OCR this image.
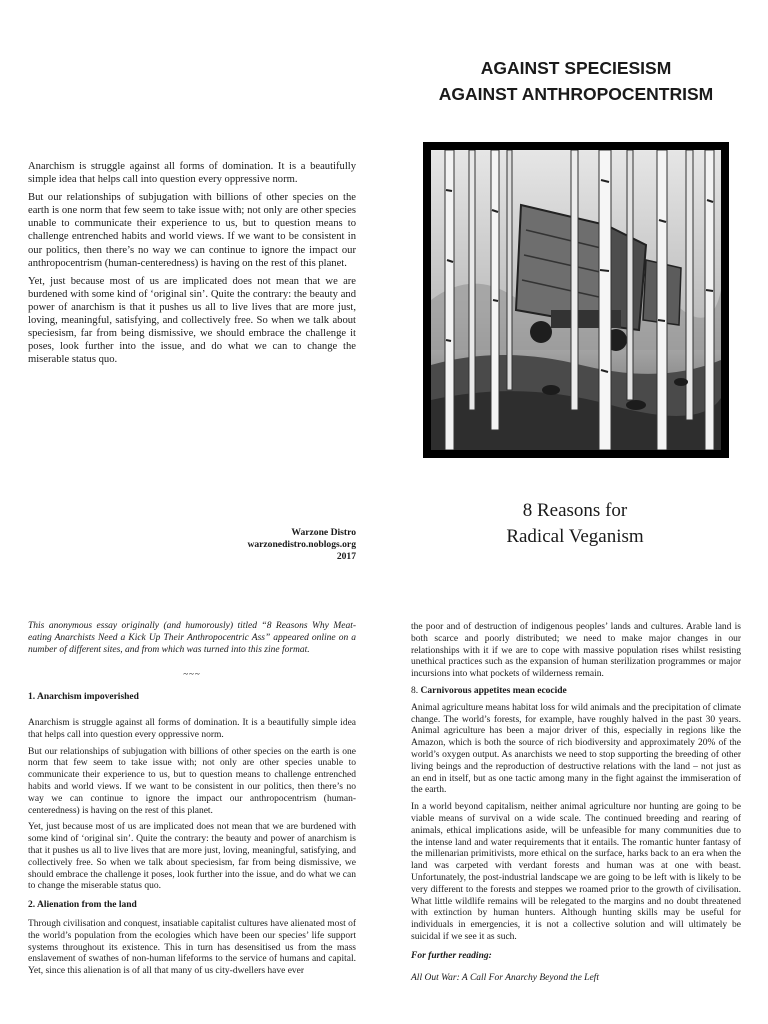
Anarchism is struggle against all forms of domination. It is a beautifully simple idea that helps call into question every oppressive norm.

But our relationships of subjugation with billions of other species on the earth is one norm that few seem to take issue with; not only are other species unable to communicate their experience to us, but to question means to challenge entrenched habits and world views. If we want to be consistent in our politics, then there’s no way we can continue to ignore the impact our anthropocentrism (human-centeredness) is having on the rest of this planet.

Yet, just because most of us are implicated does not mean that we are burdened with some kind of ‘original sin’. Quite the contrary: the beauty and power of anarchism is that it pushes us all to live lives that are more just, loving, meaningful, satisfying, and collectively free. So when we talk about speciesism, far from being dismissive, we should embrace the challenge it poses, look further into the issue, and do what we can to change the miserable status quo.

Warzone Distro
warzonedistro.noblogs.org
2017
AGAINST SPECIESISM
AGAINST ANTHROPOCENTRISM
8 Reasons for
Radical Veganism

This anonymous essay originally (and humorously) titled “8 Reasons Why Meat-eating Anarchists Need a Kick Up Their Anthropocentric Ass” appeared online on a number of different sites, and from which was turned into this zine format.

~~~
1. Anarchism impoverished

Anarchism is struggle against all forms of domination. It is a beautifully simple idea that helps call into question every oppressive norm.

But our relationships of subjugation with billions of other species on the earth is one norm that few seem to take issue with; not only are other species unable to communicate their experience to us, but to question means to challenge entrenched habits and world views. If we want to be consistent in our politics, then there’s no way we can continue to ignore the impact our anthropocentrism (human-centeredness) is having on the rest of this planet.

Yet, just because most of us are implicated does not mean that we are burdened with some kind of ‘original sin’. Quite the contrary: the beauty and power of anarchism is that it pushes us all to live lives that are more just, loving, meaningful, satisfying, and collectively free. So when we talk about speciesism, far from being dismissive, we should embrace the challenge it poses, look further into the issue, and do what we can to change the miserable status quo.

2. Alienation from the land

Through civilisation and conquest, insatiable capitalist cultures have alienated most of the world’s population from the ecologies which have been our species’ life support systems throughout its existence. This in turn has desensitised us from the mass enslavement of swathes of non-human lifeforms to the service of humans and capital. Yet, since this alienation is of all that many of us city-dwellers have ever

the poor and of destruction of indigenous peoples’ lands and cultures. Arable land is both scarce and poorly distributed; we need to make major changes in our relationships with it if we are to cope with massive population rises whilst resisting unethical practices such as the expansion of human sterilization programmes or major incursions into what pockets of wilderness remain.

8. Carnivorous appetites mean ecocide

Animal agriculture means habitat loss for wild animals and the precipitation of climate change. The world’s forests, for example, have roughly halved in the past 30 years. Animal agriculture has been a major driver of this, especially in regions like the Amazon, which is both the source of rich biodiversity and approximately 20% of the world’s oxygen output. As anarchists we need to stop supporting the breeding of other living beings and the reproduction of destructive relations with the land – not just as an end in itself, but as one tactic among many in the fight against the immiseration of the earth.

In a world beyond capitalism, neither animal agriculture nor hunting are going to be viable means of survival on a wide scale. The continued breeding and rearing of animals, ethical implications aside, will be unfeasible for many communities due to the intense land and water requirements that it entails. The romantic hunter fantasy of the millenarian primitivists, more ethical on the surface, harks back to an era when the land was carpeted with verdant forests and human was at one with beast. Unfortunately, the post-industrial landscape we are going to be left with is likely to be very different to the forests and steppes we roamed prior to the growth of civilisation. What little wildlife remains will be relegated to the margins and no doubt threatened with extinction by human hunters. Although hunting skills may be useful for individuals in emergencies, it is not a collective solution and will ultimately be suicidal if we see it as such.

For further reading:

All Out War: A Call For Anarchy Beyond the Left
